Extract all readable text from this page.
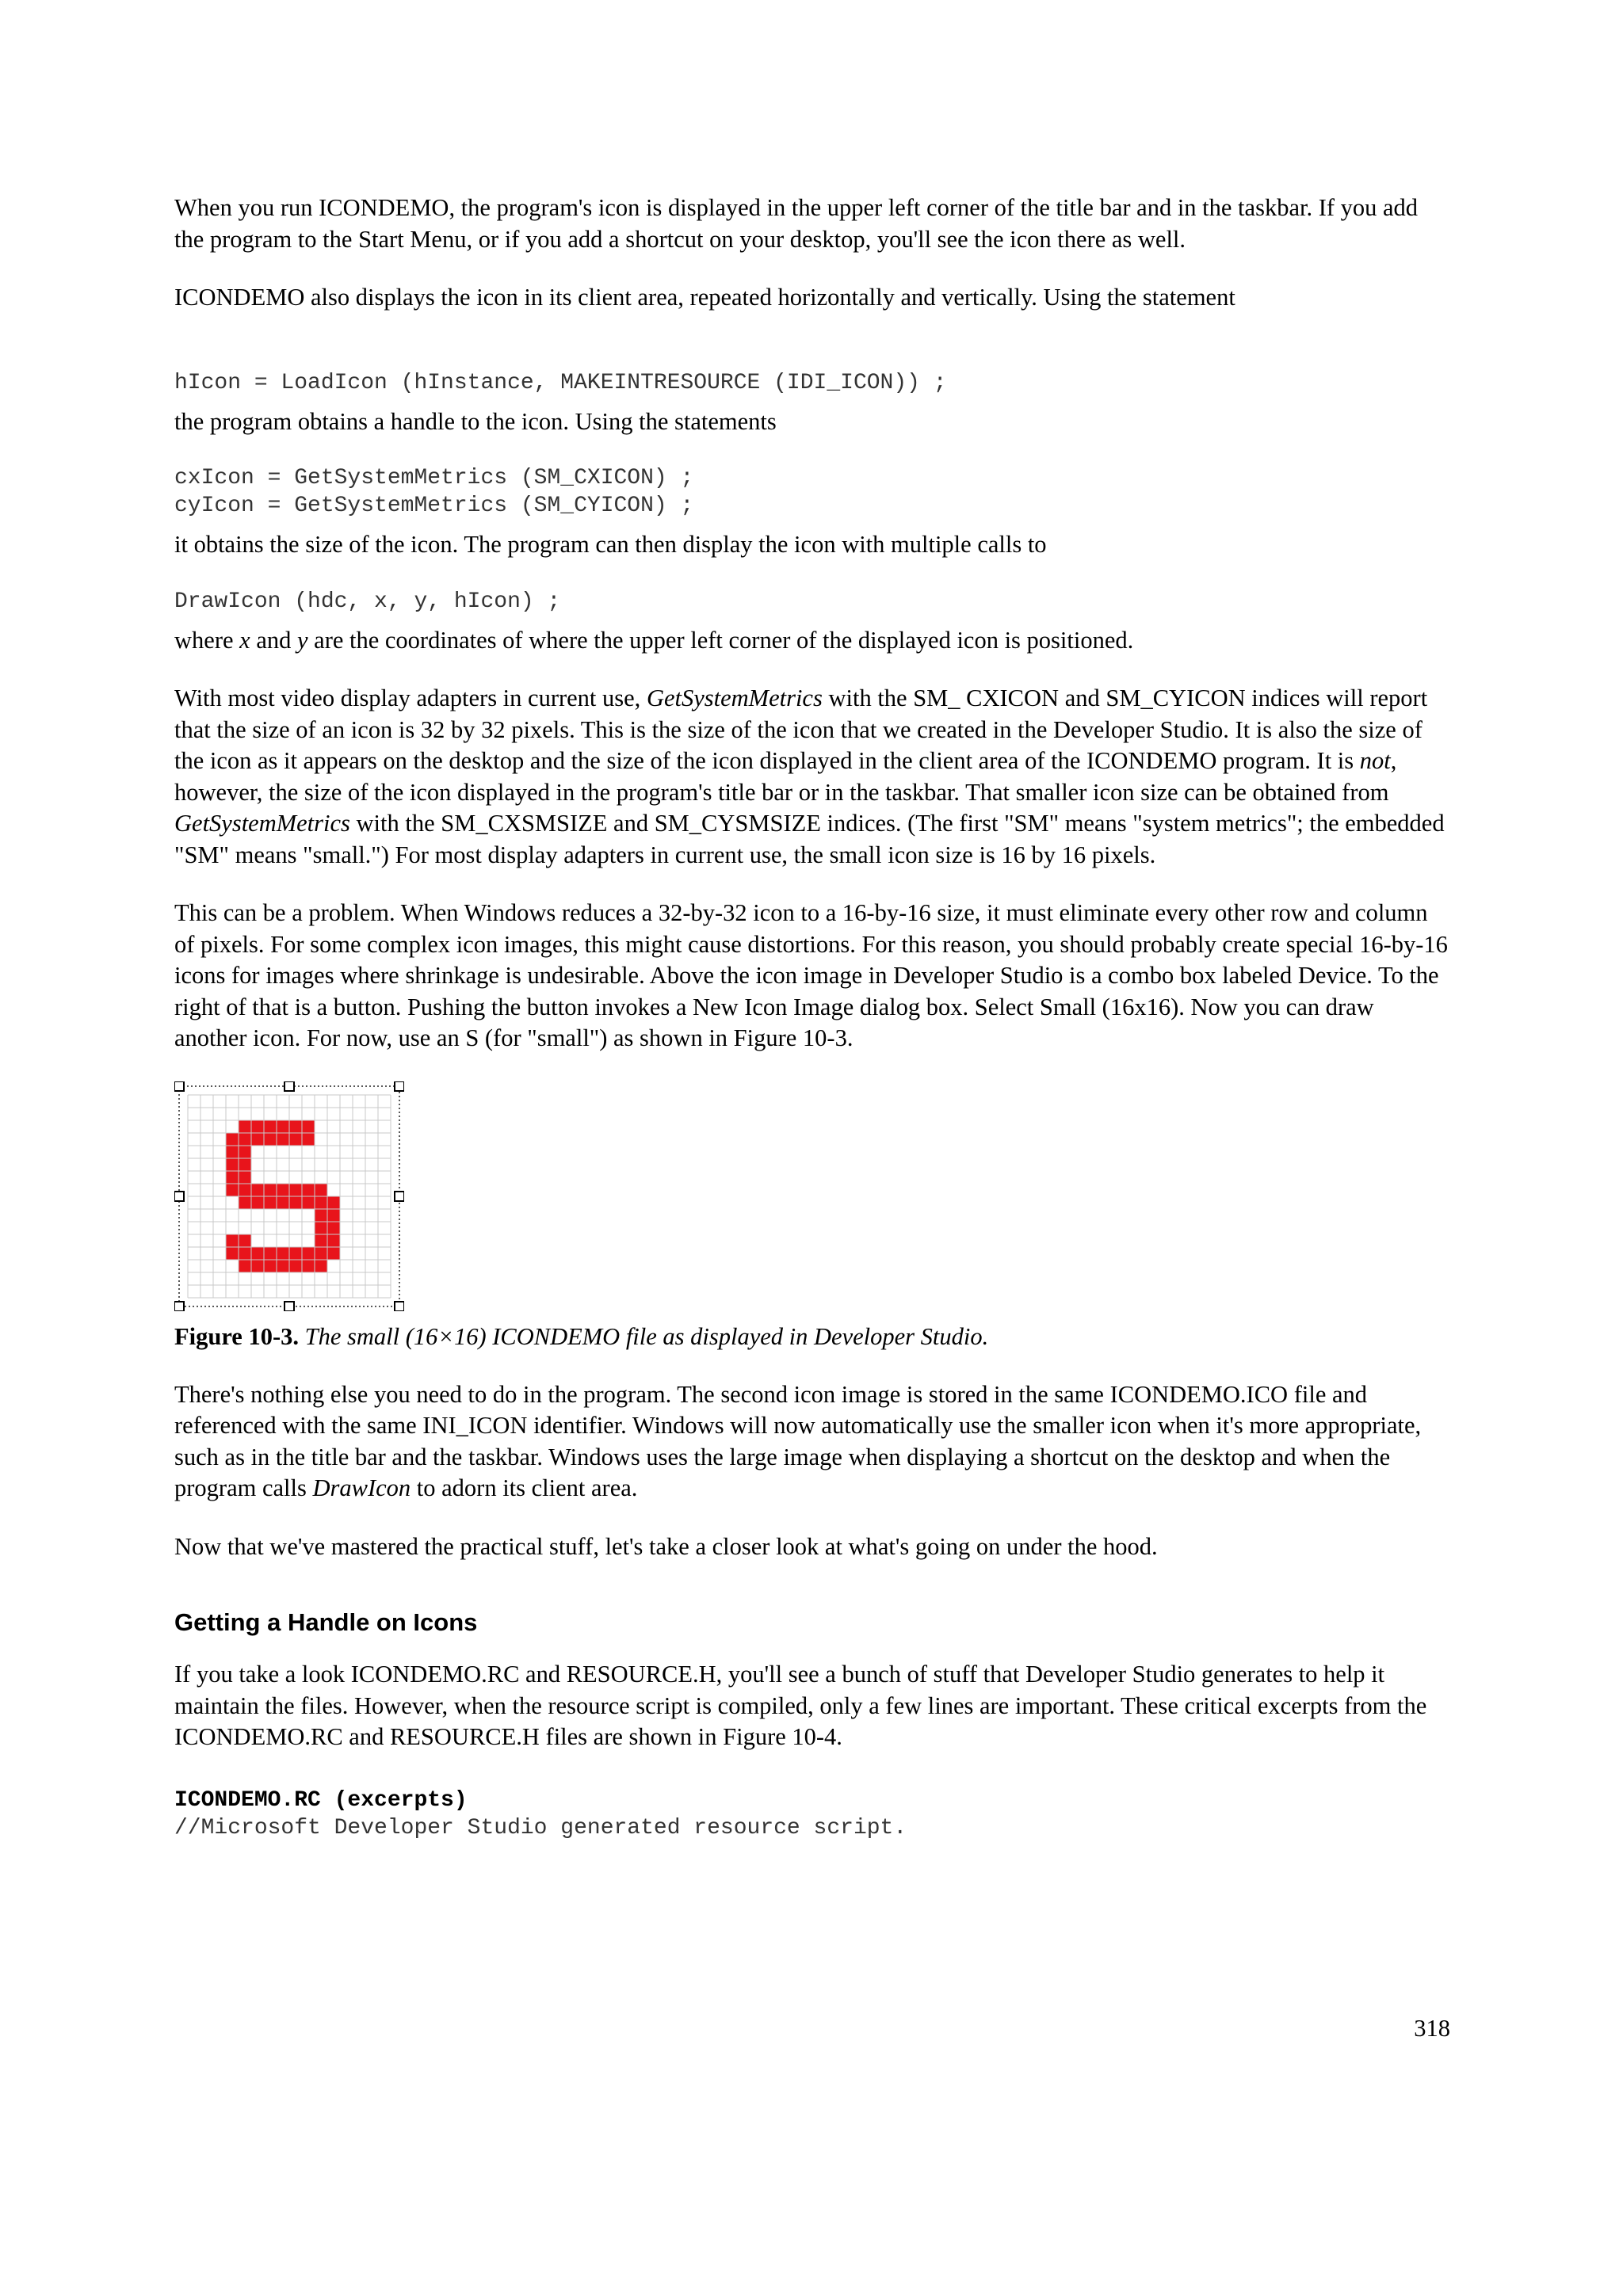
When you run ICONDEMO, the program's icon is displayed in the upper left corner of the title bar and in the taskbar. If you add the program to the Start Menu, or if you add a shortcut on your desktop, you'll see the icon there as well.

ICONDEMO also displays the icon in its client area, repeated horizontally and vertically. Using the statement

hIcon = LoadIcon (hInstance, MAKEINTRESOURCE (IDI_ICON)) ;

the program obtains a handle to the icon. Using the statements

cxIcon = GetSystemMetrics (SM_CXICON) ;
cyIcon = GetSystemMetrics (SM_CYICON) ;

it obtains the size of the icon. The program can then display the icon with multiple calls to

DrawIcon (hdc, x, y, hIcon) ;

where x and y are the coordinates of where the upper left corner of the displayed icon is positioned.

With most video display adapters in current use, GetSystemMetrics with the SM_ CXICON and SM_CYICON indices will report that the size of an icon is 32 by 32 pixels. This is the size of the icon that we created in the Developer Studio. It is also the size of the icon as it appears on the desktop and the size of the icon displayed in the client area of the ICONDEMO program. It is not, however, the size of the icon displayed in the program's title bar or in the taskbar. That smaller icon size can be obtained from GetSystemMetrics with the SM_CXSMSIZE and SM_CYSMSIZE indices. (The first "SM" means "system metrics"; the embedded "SM" means "small.") For most display adapters in current use, the small icon size is 16 by 16 pixels.

This can be a problem. When Windows reduces a 32-by-32 icon to a 16-by-16 size, it must eliminate every other row and column of pixels. For some complex icon images, this might cause distortions. For this reason, you should probably create special 16-by-16 icons for images where shrinkage is undesirable. Above the icon image in Developer Studio is a combo box labeled Device. To the right of that is a button. Pushing the button invokes a New Icon Image dialog box. Select Small (16x16). Now you can draw another icon. For now, use an S (for "small") as shown in Figure 10-3.

Figure 10-3. The small (16×16) ICONDEMO file as displayed in Developer Studio.

There's nothing else you need to do in the program. The second icon image is stored in the same ICONDEMO.ICO file and referenced with the same INI_ICON identifier. Windows will now automatically use the smaller icon when it's more appropriate, such as in the title bar and the taskbar. Windows uses the large image when displaying a shortcut on the desktop and when the program calls DrawIcon to adorn its client area.

Now that we've mastered the practical stuff, let's take a closer look at what's going on under the hood.

Getting a Handle on Icons

If you take a look ICONDEMO.RC and RESOURCE.H, you'll see a bunch of stuff that Developer Studio generates to help it maintain the files. However, when the resource script is compiled, only a few lines are important. These critical excerpts from the ICONDEMO.RC and RESOURCE.H files are shown in Figure 10-4.

ICONDEMO.RC (excerpts)
//Microsoft Developer Studio generated resource script.
318
